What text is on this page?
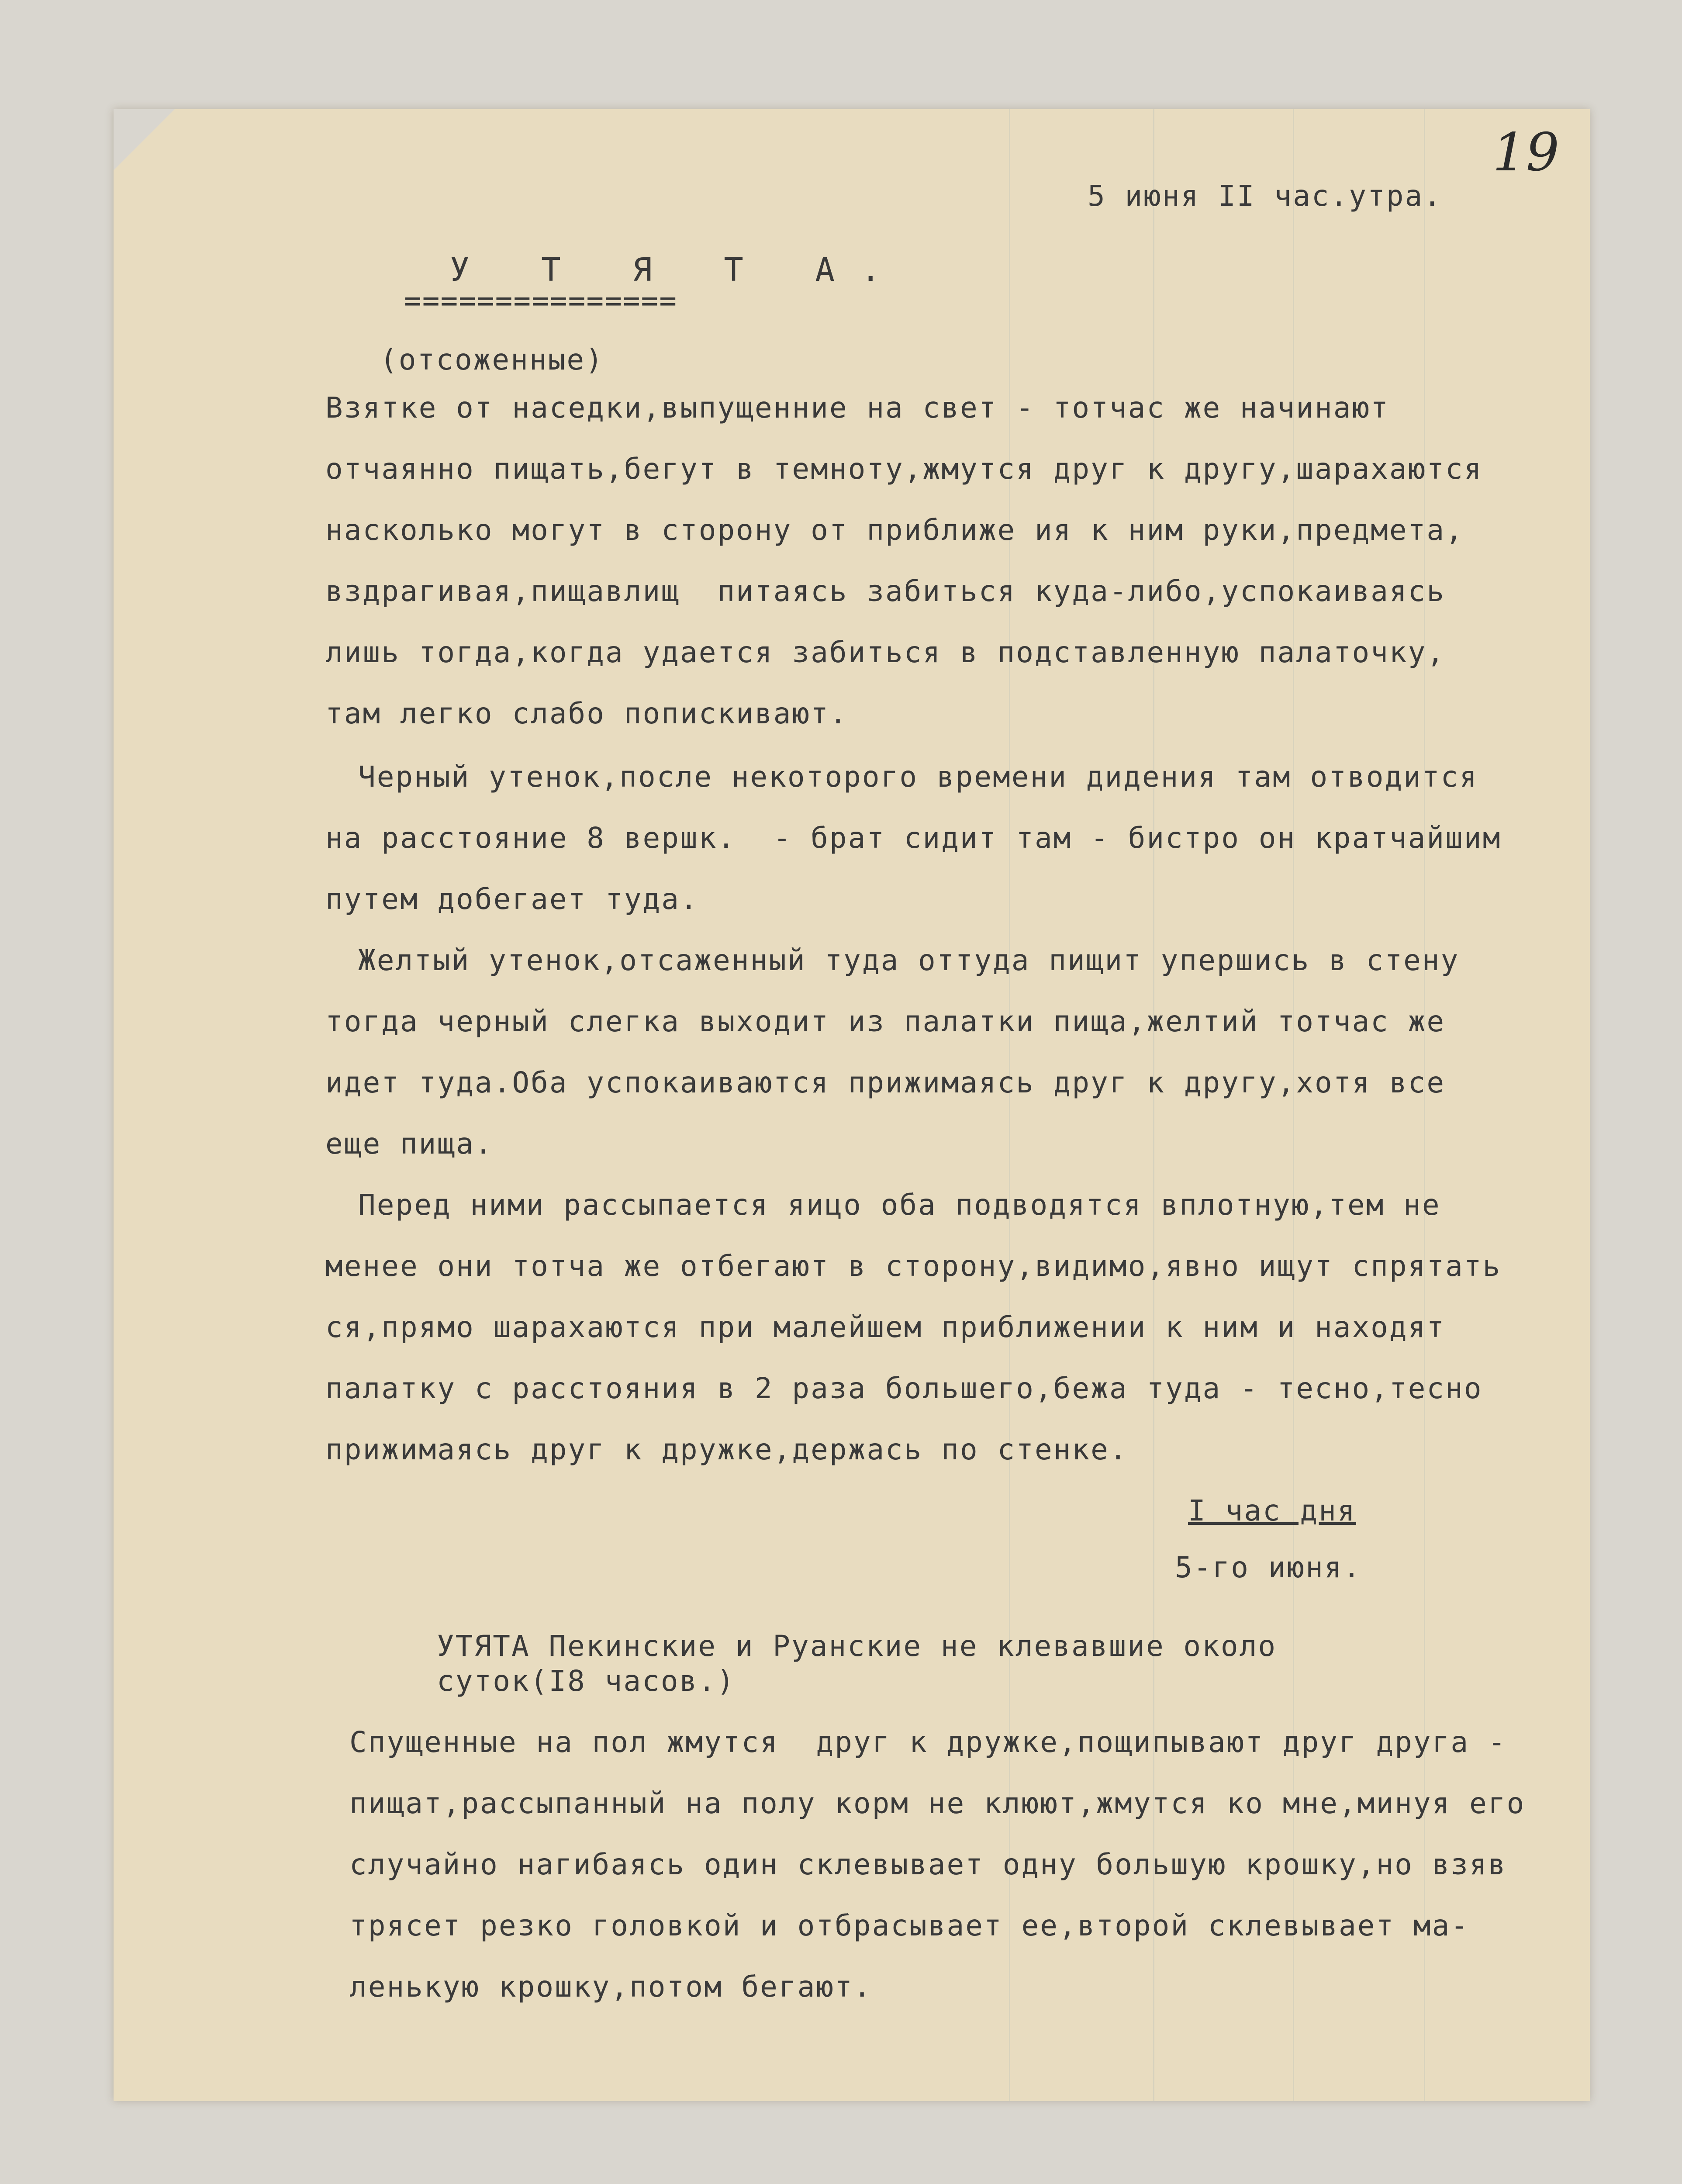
19
5 июня II час.утра.
У Т Я Т А.
===============
(отсоженные)
Взятке от наседки,выпущенние на свет - тотчас же начинают
отчаянно пищать,бегут в темноту,жмутся друг к другу,шарахаются
насколько могут в сторону от приближе ия к ним руки,предмета,
вздрагивая,пищавлищ  питаясь забиться куда-либо,успокаиваясь
лишь тогда,когда удается забиться в подставленную палаточку,
там легко слабо попискивают.
Черный утенок,после некоторого времени дидения там отводится
на расстояние 8 вершк.  - брат сидит там - бистро он кратчайшим
путем добегает туда.
Желтый утенок,отсаженный туда оттуда пищит упершись в стену
тогда черный слегка выходит из палатки пища,желтий тотчас же
идет туда.Оба успокаиваются прижимаясь друг к другу,хотя все
еще пища.
Перед ними рассыпается яицо оба подводятся вплотную,тем не
менее они тотча же отбегают в сторону,видимо,явно ищут спрятать
ся,прямо шарахаются при малейшем приближении к ним и находят
палатку с расстояния в 2 раза большего,бежа туда - тесно,тесно
прижимаясь друг к дружке,держась по стенке.
I час дня
5-го июня.
УТЯТА Пекинские и Руанские не клевавшие около
суток(I8 часов.)
Спущенные на пол жмутся  друг к дружке,пощипывают друг друга -
пищат,рассыпанный на полу корм не клюют,жмутся ко мне,минуя его
случайно нагибаясь один склевывает одну большую крошку,но взяв
трясет резко головкой и отбрасывает ее,второй склевывает ма-
ленькую крошку,потом бегают.
